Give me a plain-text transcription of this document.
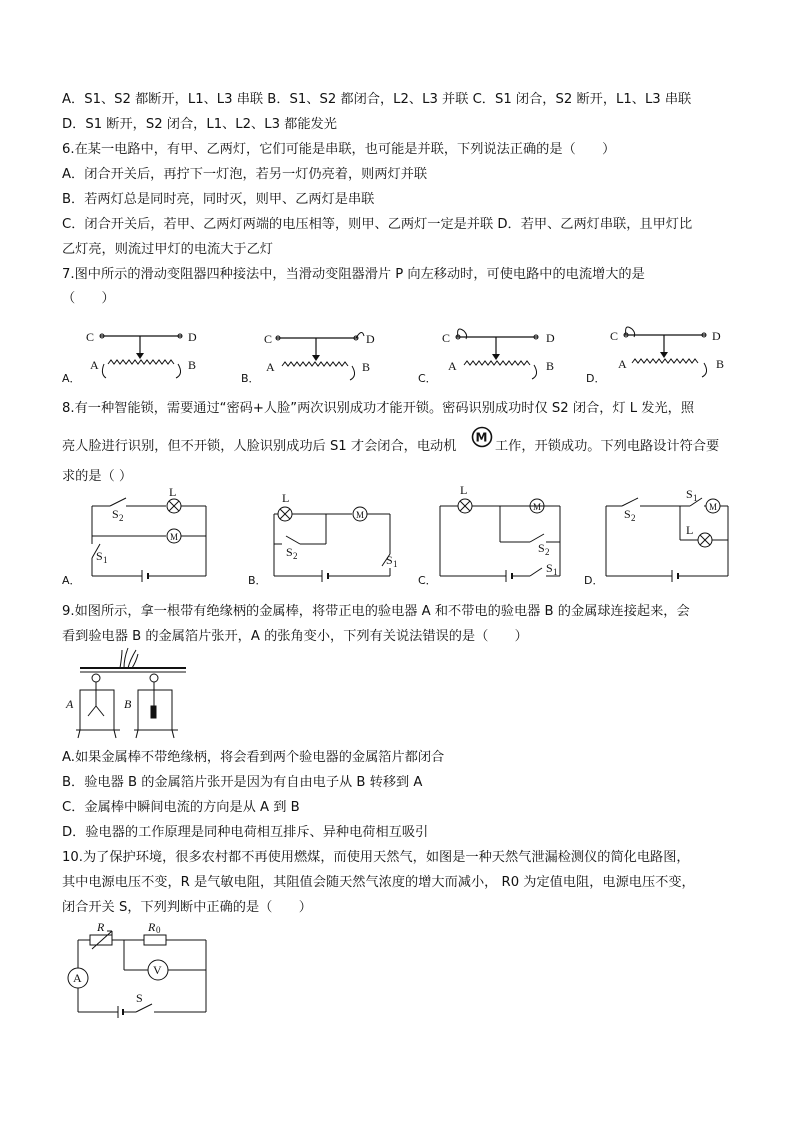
A．S1、S2 都断开，L1、L3 串联 B．S1、S2 都闭合，L2、L3 并联 C．S1 闭合，S2 断开，L1、L3 串联
D．S1 断开，S2 闭合，L1、L2、L3 都能发光
6.在某一电路中，有甲、乙两灯，它们可能是串联，也可能是并联，下列说法正确的是（　　）
A．闭合开关后，再拧下一灯泡，若另一灯仍亮着，则两灯并联
B．若两灯总是同时亮，同时灭，则甲、乙两灯是串联
C．闭合开关后，若甲、乙两灯两端的电压相等，则甲、乙两灯一定是并联 D．若甲、乙两灯串联，且甲灯比
乙灯亮，则流过甲灯的电流大于乙灯
7.图中所示的滑动变阻器四种接法中，当滑动变阻器滑片 P 向左移动时，可使电路中的电流增大的是
（　　）
A．	B．	C．	D．
C	D
A	B
C	D
A	B
C	D
A	B
C	D
A	B
8.有一种智能锁，需要通过“密码+人脸”两次识别成功才能开锁。密码识别成功时仅 S2 闭合，灯 L 发光，照
亮人脸进行识别，但不开锁，人脸识别成功后 S1 才会闭合，电动机
M
工作，开锁成功。下列电路设计符合要
求的是（ ）
A．	B．	C．	D．
L
M
S 2
S 1
L
M
S 2	S 1
L
M
S 2
S 1
M
L
S 2
S 1
9.如图所示，拿一根带有绝缘柄的金属棒，将带正电的验电器 A 和不带电的验电器 B 的金属球连接起来，会
看到验电器 B 的金属箔片张开，A 的张角变小，下列有关说法错误的是（　　）
A	B
A.如果金属棒不带绝缘柄，将会看到两个验电器的金属箔片都闭合
B．验电器 B 的金属箔片张开是因为有自由电子从 B 转移到 A
C．金属棒中瞬间电流的方向是从 A 到 B
D．验电器的工作原理是同种电荷相互排斥、异种电荷相互吸引
10.为了保护环境，很多农村都不再使用燃煤，而使用天然气，如图是一种天然气泄漏检测仪的简化电路图，
其中电源电压不变，R 是气敏电阻，其阻值会随天然气浓度的增大而减小， R0 为定值电阻，电源电压不变，
闭合开关 S，下列判断中正确的是（　　）
R	R 0
A
V
S
